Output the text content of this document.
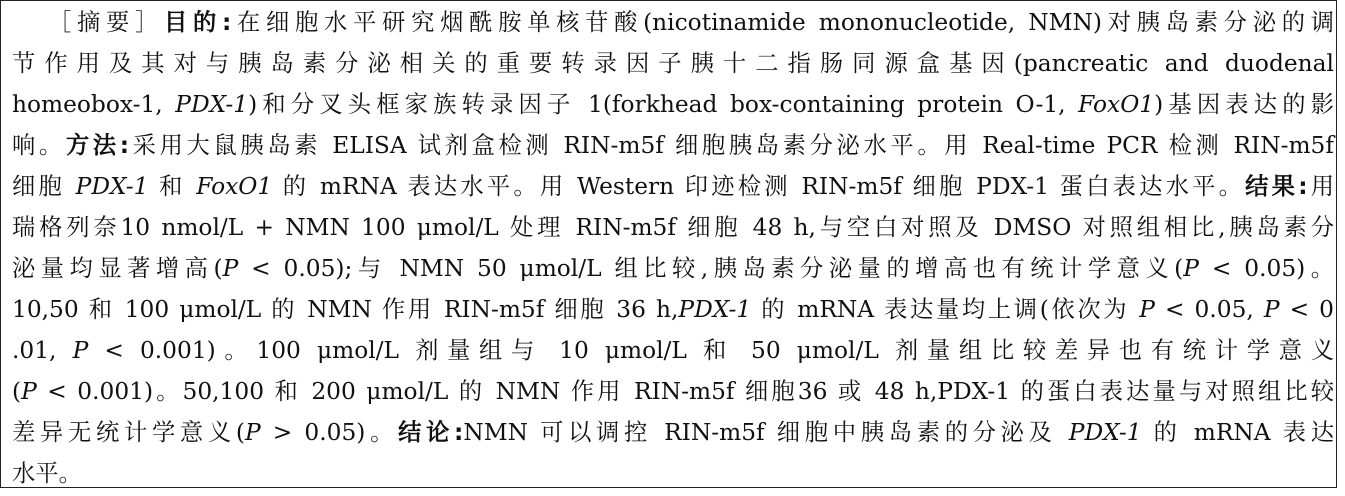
［摘要］目的:在细胞水平研究烟酰胺单核苷酸(nicotinamide mononucleotide, NMN)对胰岛素分泌的调
节作用及其对与胰岛素分泌相关的重要转录因子胰十二指肠同源盒基因(pancreatic and duodenal
homeobox-1, PDX-1)和分叉头框家族转录因子 1(forkhead box-containing protein O-1, FoxO1)基因表达的影
响。方法:采用大鼠胰岛素 ELISA 试剂盒检测 RIN-m5f 细胞胰岛素分泌水平。用 Real-time PCR 检测 RIN-m5f
细胞 PDX-1 和 FoxO1 的 mRNA 表达水平。用 Western 印迹检测 RIN-m5f 细胞 PDX-1 蛋白表达水平。结果:用
瑞格列奈10 nmol/L + NMN 100 μmol/L 处理 RIN-m5f 细胞 48 h,与空白对照及 DMSO 对照组相比,胰岛素分
泌量均显著增高(P < 0.05);与 NMN 50 μmol/L 组比较,胰岛素分泌量的增高也有统计学意义(P < 0.05)。
10,50 和 100 μmol/L 的 NMN 作用 RIN-m5f 细胞 36 h,PDX-1 的 mRNA 表达量均上调(依次为 P < 0.05, P < 0
.01, P < 0.001)。100 μmol/L 剂量组与 10 μmol/L 和 50 μmol/L 剂量组比较差异也有统计学意义
(P < 0.001)。50,100 和 200 μmol/L 的 NMN 作用 RIN-m5f 细胞36 或 48 h,PDX-1 的蛋白表达量与对照组比较
差异无统计学意义(P > 0.05)。结论:NMN 可以调控 RIN-m5f 细胞中胰岛素的分泌及 PDX-1 的 mRNA 表达
水平。
